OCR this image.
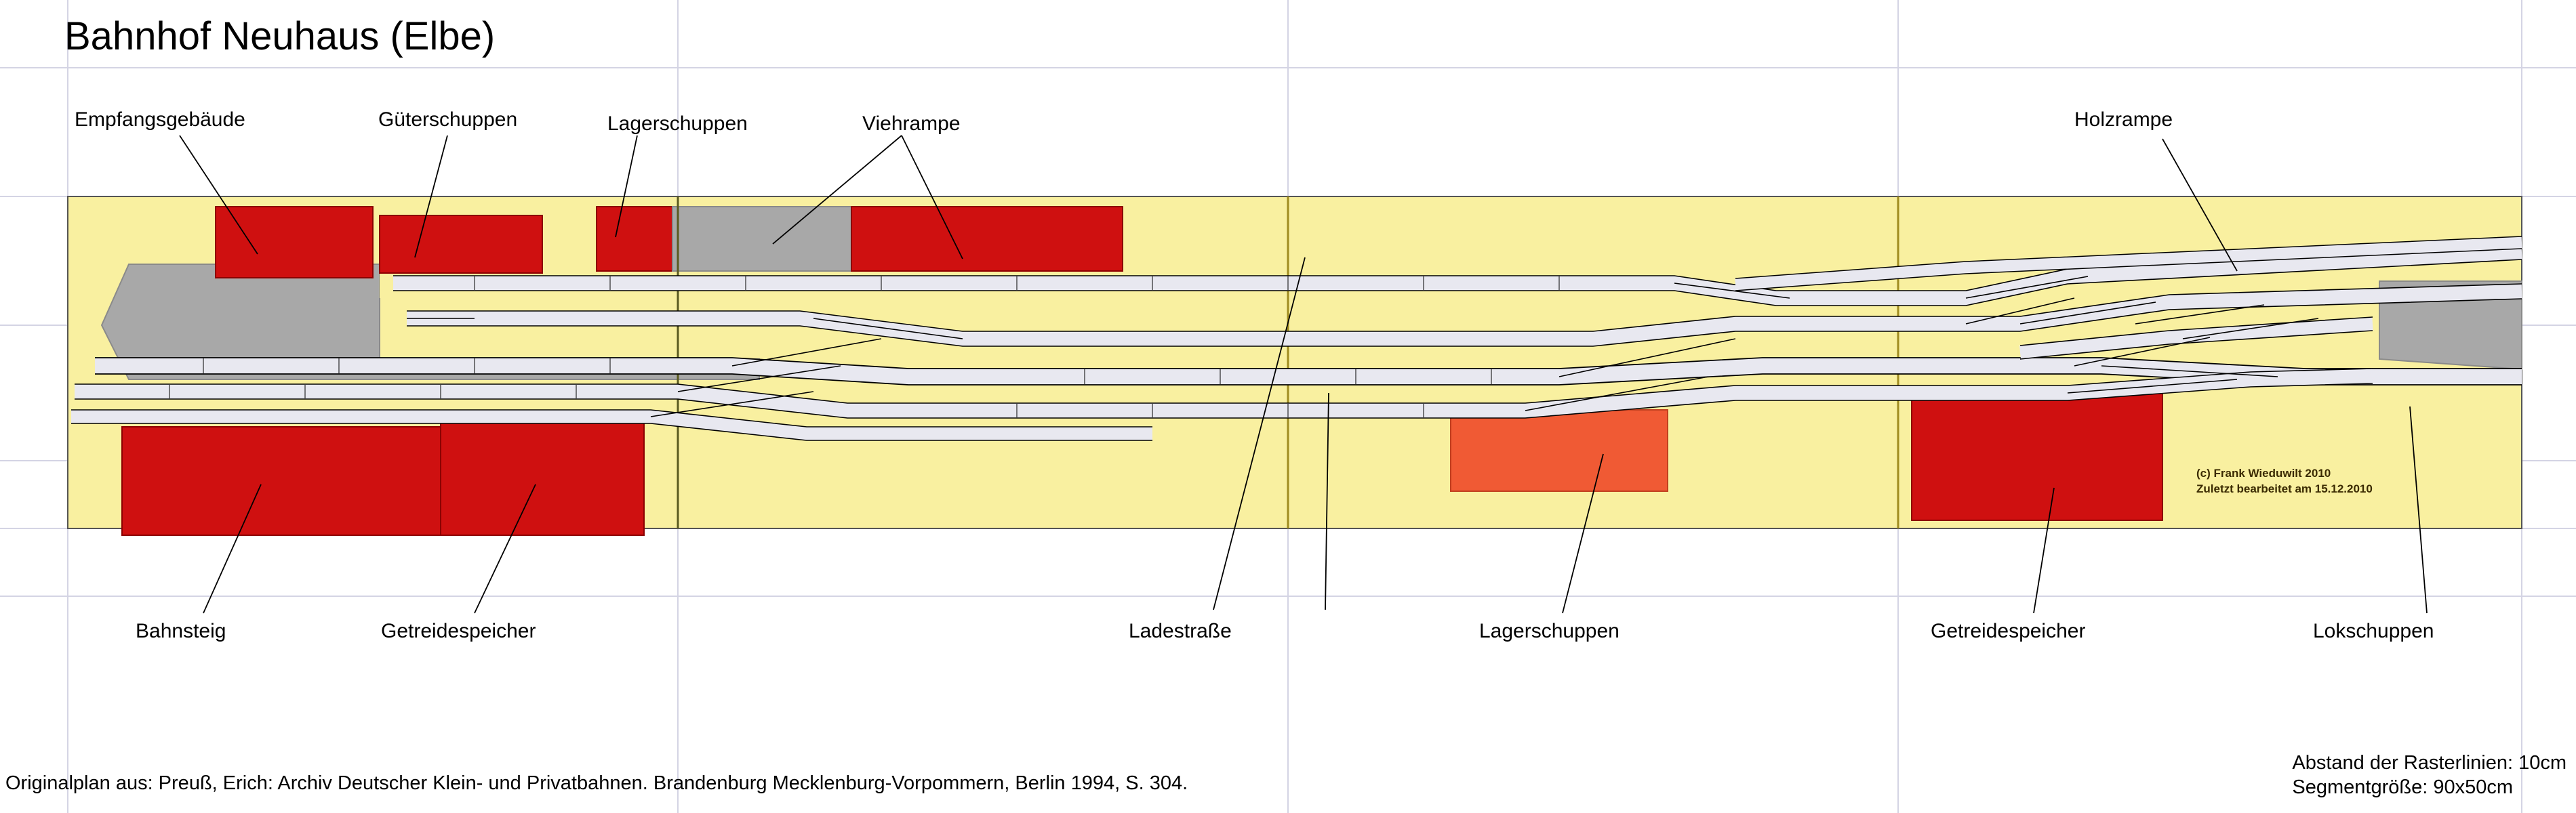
Bahnhof Neuhaus (Elbe)
Empfangsgebäude	Güterschuppen	Lagerschuppen	Viehrampe	Holzrampe
Bahnsteig	Getreidespeicher	Ladestraße	Lagerschuppen	Getreidespeicher	Lokschuppen
(c) Frank Wieduwilt 2010
Zuletzt bearbeitet am 15.12.2010
Originalplan aus: Preuß, Erich: Archiv Deutscher Klein- und Privatbahnen. Brandenburg Mecklenburg-Vorpommern, Berlin 1994, S. 304.
Abstand der Rasterlinien: 10cm
Segmentgröße: 90x50cm
